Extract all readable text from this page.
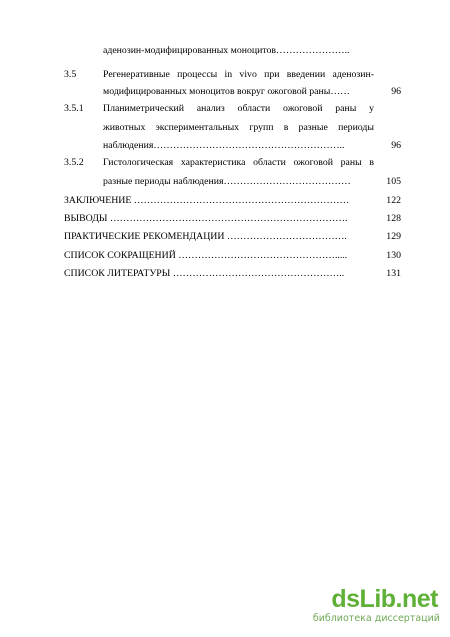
аденозин-модифицированных моноцитов…………………..
3.5	Регенеративные процессы in vivo при введении аденозин-
модифицированных моноцитов вокруг ожоговой раны……	96
3.5.1 Планиметрический анализ области ожоговой раны у
животных экспериментальных групп в разные периоды
наблюдения…………………………………………………..	96
3.5.2 Гистологическая характеристика области ожоговой раны в
разные периоды наблюдения…………………………………	105
ЗАКЛЮЧЕНИЕ …………………………………………………………	122
ВЫВОДЫ ……………………………………………………………….	128
ПРАКТИЧЕСКИЕ РЕКОМЕНДАЦИИ ……………………………….	129
СПИСОК СОКРАЩЕНИЙ ………………………………………….....	130
СПИСОК ЛИТЕРАТУРЫ ……………………………………………..	131
dsLib.net
библиотека диссертаций
